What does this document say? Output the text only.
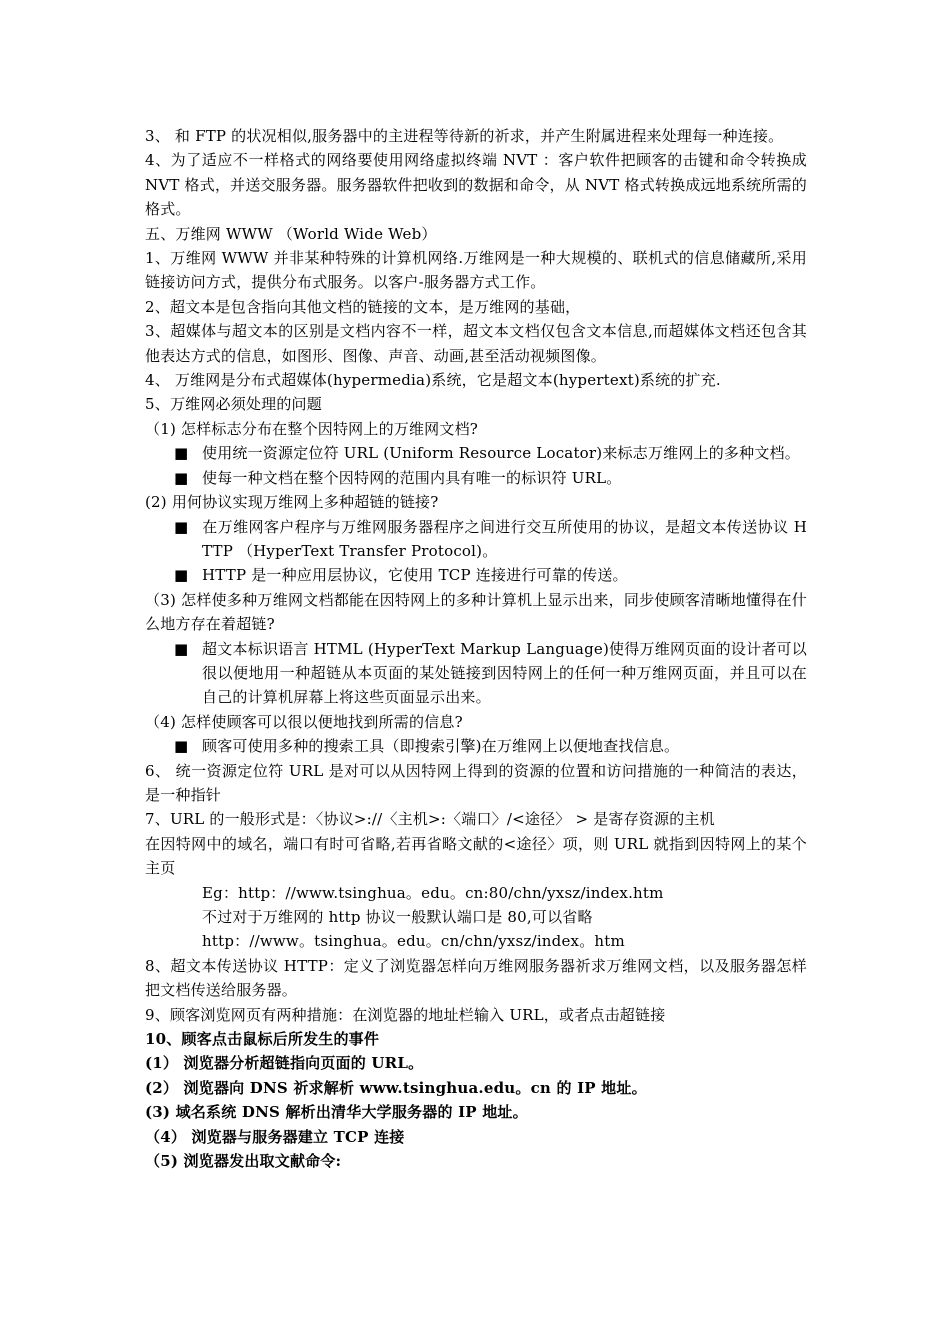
3、 和 FTP 的状况相似,服务器中的主进程等待新的祈求，并产生附属进程来处理每一种连接。

4、为了适应不一样格式的网络要使用网络虚拟终端 NVT ：客户软件把顾客的击键和命令转换成 NVT 格式，并送交服务器。服务器软件把收到的数据和命令，从 NVT 格式转换成远地系统所需的格式。

五、万维网 WWW （World Wide Web）

1、万维网 WWW 并非某种特殊的计算机网络.万维网是一种大规模的、联机式的信息储藏所,采用链接访问方式，提供分布式服务。以客户-服务器方式工作。

2、超文本是包含指向其他文档的链接的文本，是万维网的基础，

3、超媒体与超文本的区别是文档内容不一样，超文本文档仅包含文本信息,而超媒体文档还包含其他表达方式的信息，如图形、图像、声音、动画,甚至活动视频图像。

4、 万维网是分布式超媒体(hypermedia)系统，它是超文本(hypertext)系统的扩充.

5、万维网必须处理的问题

（1) 怎样标志分布在整个因特网上的万维网文档?

■ 使用统一资源定位符 URL (Uniform Resource Locator)来标志万维网上的多种文档。

■ 使每一种文档在整个因特网的范围内具有唯一的标识符 URL。

(2) 用何协议实现万维网上多种超链的链接?

■ 在万维网客户程序与万维网服务器程序之间进行交互所使用的协议，是超文本传送协议 HTTP （HyperText Transfer Protocol)。

■ HTTP 是一种应用层协议，它使用 TCP 连接进行可靠的传送。

（3) 怎样使多种万维网文档都能在因特网上的多种计算机上显示出来，同步使顾客清晰地懂得在什么地方存在着超链?

■ 超文本标识语言 HTML (HyperText Markup Language)使得万维网页面的设计者可以很以便地用一种超链从本页面的某处链接到因特网上的任何一种万维网页面，并且可以在自己的计算机屏幕上将这些页面显示出来。

（4) 怎样使顾客可以很以便地找到所需的信息?

■ 顾客可使用多种的搜索工具（即搜索引擎)在万维网上以便地查找信息。

6、 统一资源定位符 URL 是对可以从因特网上得到的资源的位置和访问措施的一种简洁的表达，是一种指针

7、URL 的一般形式是：〈协议>://〈主机>:〈端口〉/<途径〉 > 是寄存资源的主机

在因特网中的域名，端口有时可省略,若再省略文献的<途径〉项，则 URL 就指到因特网上的某个主页

Eg：http：//www.tsinghua。edu。cn:80/chn/yxsz/index.htm

不过对于万维网的 http 协议一般默认端口是 80,可以省略

http：//www。tsinghua。edu。cn/chn/yxsz/index。htm

8、超文本传送协议 HTTP：定义了浏览器怎样向万维网服务器祈求万维网文档，以及服务器怎样把文档传送给服务器。

9、顾客浏览网页有两种措施：在浏览器的地址栏输入 URL，或者点击超链接

10、顾客点击鼠标后所发生的事件

(1） 浏览器分析超链指向页面的 URL。

(2） 浏览器向 DNS 祈求解析 www.tsinghua.edu。cn 的 IP 地址。

(3) 域名系统 DNS 解析出清华大学服务器的 IP 地址。

（4） 浏览器与服务器建立 TCP 连接

（5) 浏览器发出取文献命令:
